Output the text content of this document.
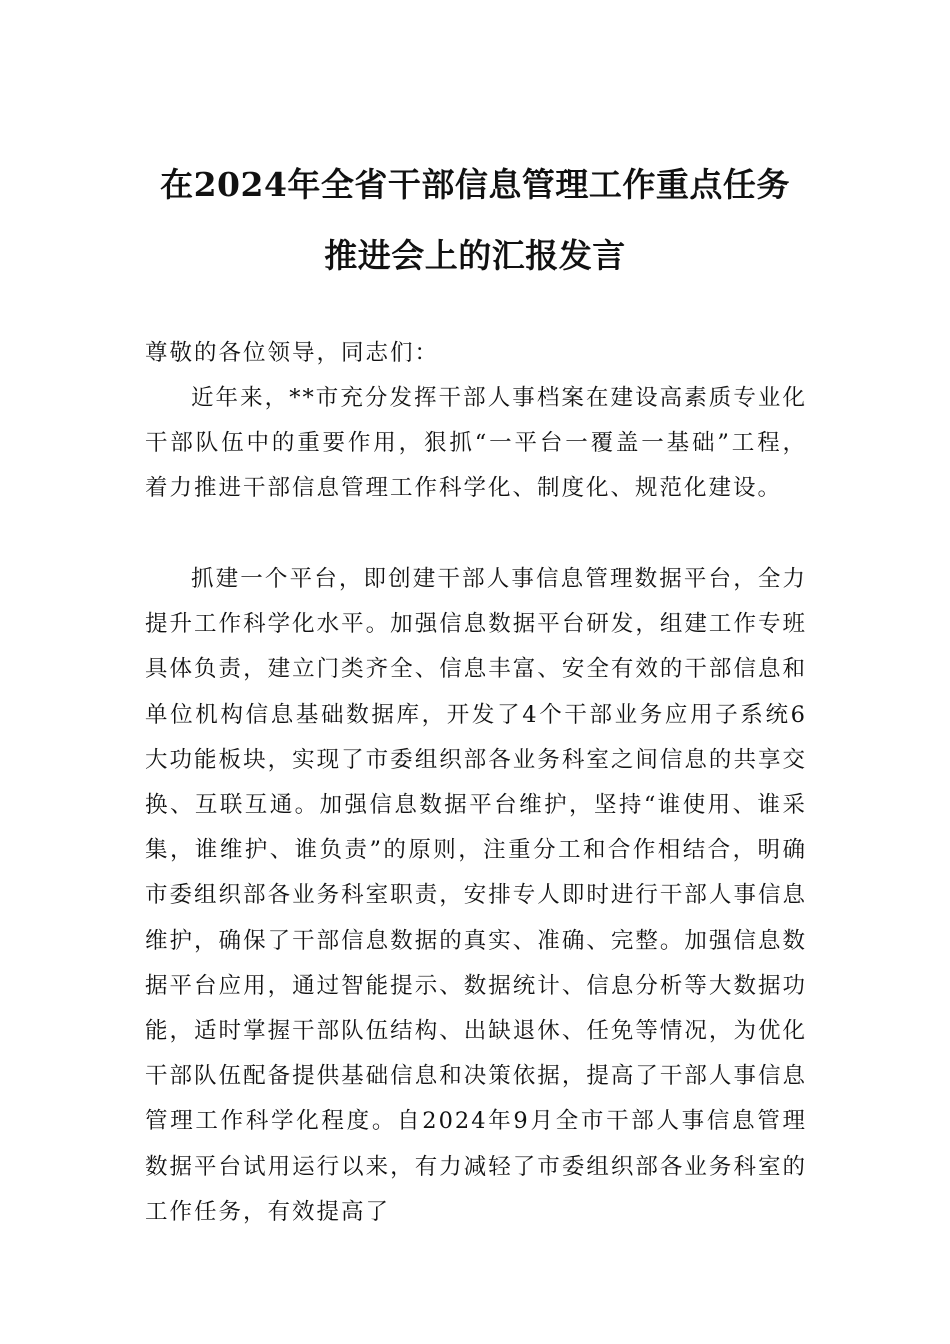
在2024年全省干部信息管理工作重点任务
推进会上的汇报发言

尊敬的各位领导，同志们：

近年来，**市充分发挥干部人事档案在建设高素质专业化干部队伍中的重要作用，狠抓“一平台一覆盖一基础”工程，着力推进干部信息管理工作科学化、制度化、规范化建设。

抓建一个平台，即创建干部人事信息管理数据平台，全力提升工作科学化水平。加强信息数据平台研发，组建工作专班具体负责，建立门类齐全、信息丰富、安全有效的干部信息和单位机构信息基础数据库，开发了4个干部业务应用子系统6大功能板块，实现了市委组织部各业务科室之间信息的共享交换、互联互通。加强信息数据平台维护，坚持“谁使用、谁采集，谁维护、谁负责”的原则，注重分工和合作相结合，明确市委组织部各业务科室职责，安排专人即时进行干部人事信息维护，确保了干部信息数据的真实、准确、完整。加强信息数据平台应用，通过智能提示、数据统计、信息分析等大数据功能，适时掌握干部队伍结构、出缺退休、任免等情况，为优化干部队伍配备提供基础信息和决策依据，提高了干部人事信息管理工作科学化程度。自2024年9月全市干部人事信息管理数据平台试用运行以来，有力减轻了市委组织部各业务科室的工作任务，有效提高了
